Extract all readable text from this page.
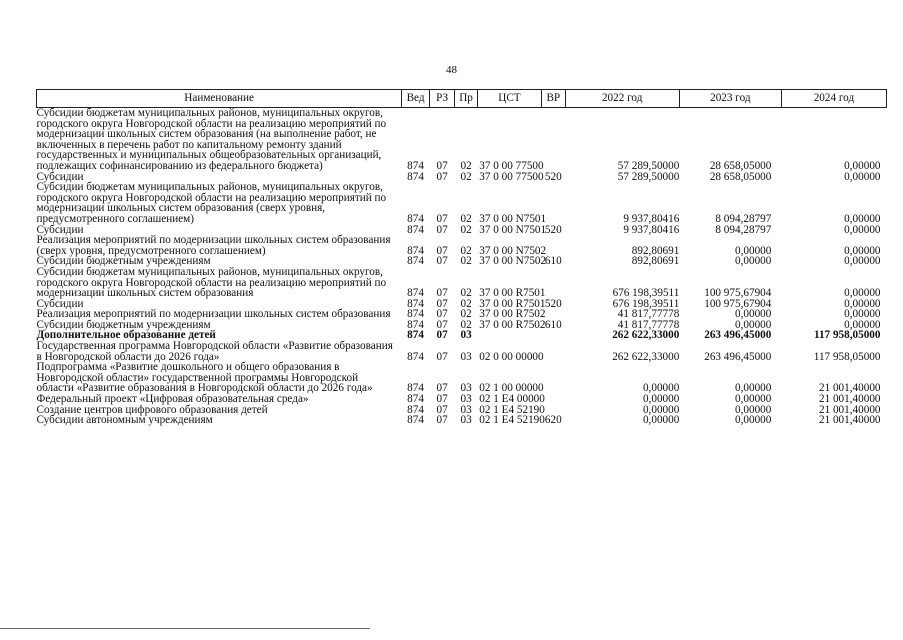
48
Наименование	Вед	РЗ	Пр	ЦСТ	ВР	2022 год	2023 год	2024 год
Субсидии бюджетам муниципальных районов, муниципальных округов, городского округа Новгородской области на реализацию мероприятий по модернизации школьных систем образования (на выполнение работ, не включенных в перечень работ по капитальному ремонту зданий государственных и муниципальных общеобразовательных организаций, подлежащих софинансированию из федерального бюджета)	874	07	02	37 0 00 77500		57 289,50000	28 658,05000	0,00000
Субсидии	874	07	02	37 0 00 77500	520	57 289,50000	28 658,05000	0,00000
Субсидии бюджетам муниципальных районов, муниципальных округов, городского округа Новгородской области на реализацию мероприятий по модернизации школьных систем образования (сверх уровня, предусмотренного соглашением)	874	07	02	37 0 00 N7501		9 937,80416	8 094,28797	0,00000
Субсидии	874	07	02	37 0 00 N7501	520	9 937,80416	8 094,28797	0,00000
Реализация мероприятий по модернизации школьных систем образования (сверх уровня, предусмотренного соглашением)	874	07	02	37 0 00 N7502		892,80691	0,00000	0,00000
Субсидии бюджетным учреждениям	874	07	02	37 0 00 N7502	610	892,80691	0,00000	0,00000
Субсидии бюджетам муниципальных районов, муниципальных округов, городского округа Новгородской области на реализацию мероприятий по модернизации школьных систем образования	874	07	02	37 0 00 R7501		676 198,39511	100 975,67904	0,00000
Субсидии	874	07	02	37 0 00 R7501	520	676 198,39511	100 975,67904	0,00000
Реализация мероприятий по модернизации школьных систем образования	874	07	02	37 0 00 R7502		41 817,77778	0,00000	0,00000
Субсидии бюджетным учреждениям	874	07	02	37 0 00 R7502	610	41 817,77778	0,00000	0,00000
Дополнительное образование детей	874	07	03			262 622,33000	263 496,45000	117 958,05000
Государственная программа Новгородской области «Развитие образования в Новгородской области до 2026 года»	874	07	03	02 0 00 00000		262 622,33000	263 496,45000	117 958,05000
Подпрограмма «Развитие дошкольного и общего образования в Новгородской области» государственной программы Новгородской области «Развитие образования в Новгородской области до 2026 года»	874	07	03	02 1 00 00000		0,00000	0,00000	21 001,40000
Федеральный проект «Цифровая образовательная среда»	874	07	03	02 1 E4 00000		0,00000	0,00000	21 001,40000
Создание центров цифрового образования детей	874	07	03	02 1 E4 52190		0,00000	0,00000	21 001,40000
Субсидии автономным учреждениям	874	07	03	02 1 E4 52190	620	0,00000	0,00000	21 001,40000
